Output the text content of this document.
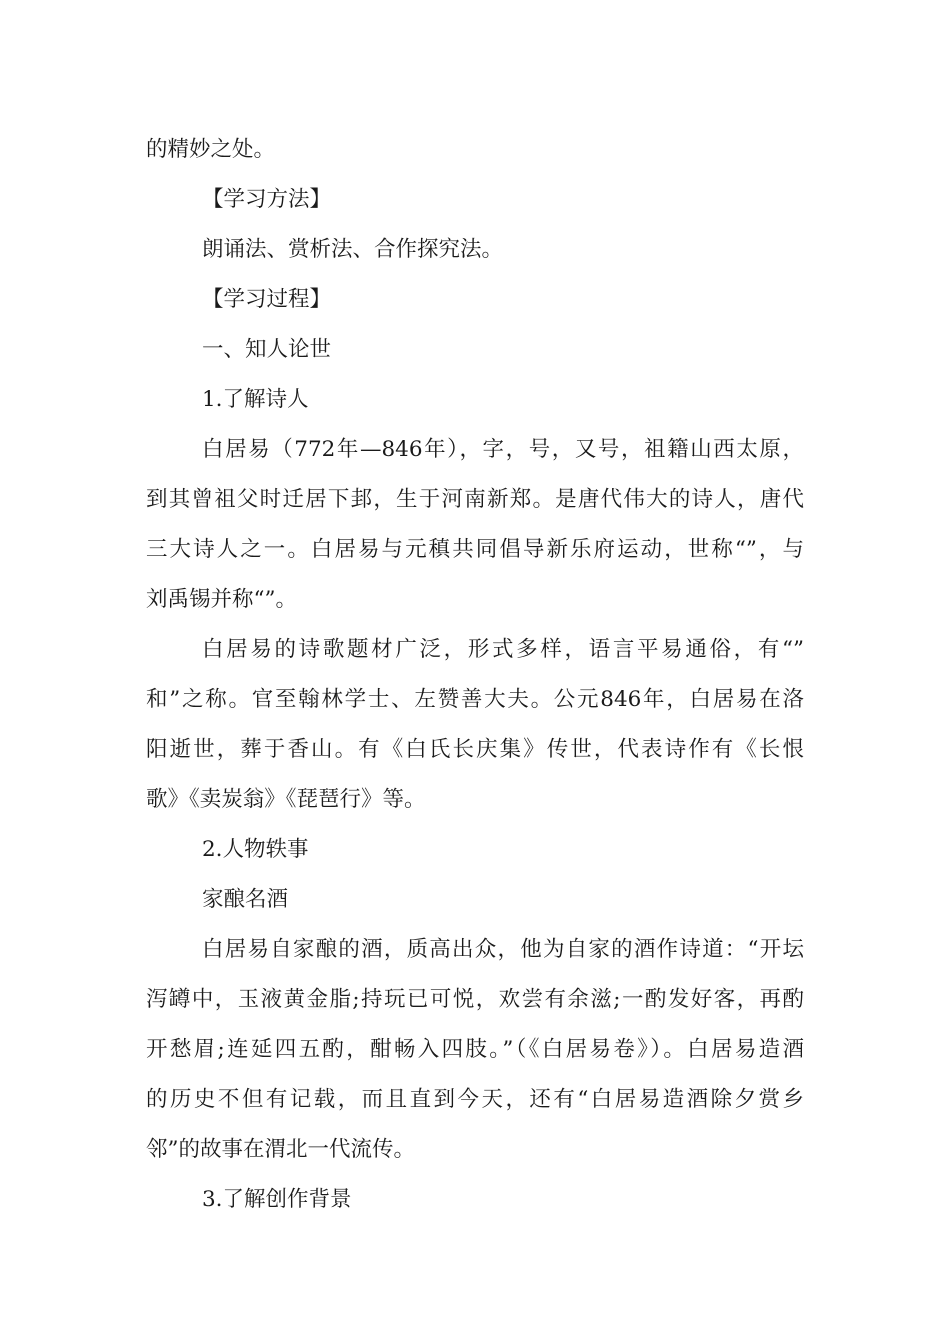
的精妙之处。
【学习方法】
朗诵法、赏析法、合作探究法。
【学习过程】
一、知人论世
1.了解诗人
白居易（772年—846年），字，号，又号，祖籍山西太原，
到其曾祖父时迁居下邽，生于河南新郑。是唐代伟大的诗人，唐代
三大诗人之一。白居易与元稹共同倡导新乐府运动，世称“”，与
刘禹锡并称“”。
白居易的诗歌题材广泛，形式多样，语言平易通俗，有“”
和”之称。官至翰林学士、左赞善大夫。公元846年，白居易在洛
阳逝世，葬于香山。有《白氏长庆集》传世，代表诗作有《长恨
歌》《卖炭翁》《琵琶行》等。
2.人物轶事
家酿名酒
白居易自家酿的酒，质高出众，他为自家的酒作诗道：“开坛
泻罇中，玉液黄金脂;持玩已可悦，欢尝有余滋;一酌发好客，再酌
开愁眉;连延四五酌，酣畅入四肢。”（《白居易卷》）。白居易造酒
的历史不但有记载，而且直到今天，还有“白居易造酒除夕赏乡
邻”的故事在渭北一代流传。
3.了解创作背景
